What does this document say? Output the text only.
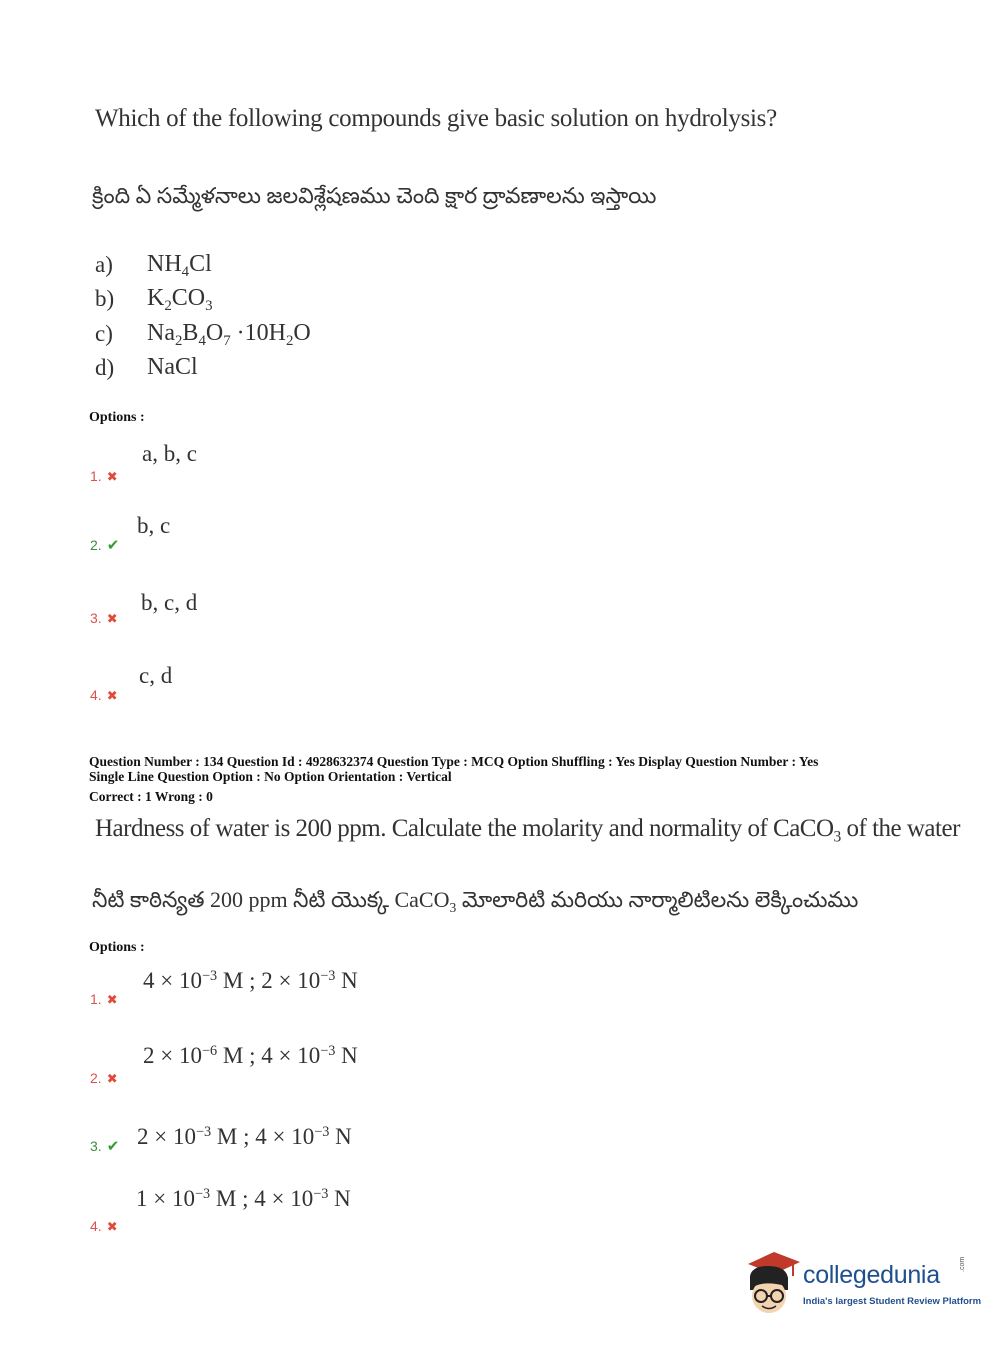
Which of the following compounds give basic solution on hydrolysis?
క్రింది ఏ సమ్మేళనాలు జలవిశ్లేషణము చెంది క్షార ద్రావణాలను ఇస్తాయి
a) $NH_4Cl$
b) $K_2CO_3$
c) $Na_2B_4O_7 \cdot 10H_2O$
d) NaCl
Options :
a, b, c
1. ✖
b, c
2. ✔
b, c, d
3. ✖
c, d
4. ✖
Question Number : 134 Question Id : 4928632374 Question Type : MCQ Option Shuffling : Yes Display Question Number : Yes
Single Line Question Option : No Option Orientation : Vertical
Correct : 1 Wrong : 0
Hardness of water is 200 ppm. Calculate the molarity and normality of CaCO$_3$ of the water
నీటి కాఠిన్యత 200 ppm నీటి యొక్క CaCO$_3$ మోలారిటి మరియు నార్మాలిటిలను లెక్కించుము
Options :
$4 \times 10^{-3}$ M ; $2 \times 10^{-3}$ N
1. ✖
$2 \times 10^{-6}$ M ; $4 \times 10^{-3}$ N
2. ✖
$2 \times 10^{-3}$ M ; $4 \times 10^{-3}$ N
3. ✔
$1 \times 10^{-3}$ M ; $4 \times 10^{-3}$ N
4. ✖
collegedunia	.com
India's largest Student Review Platform
